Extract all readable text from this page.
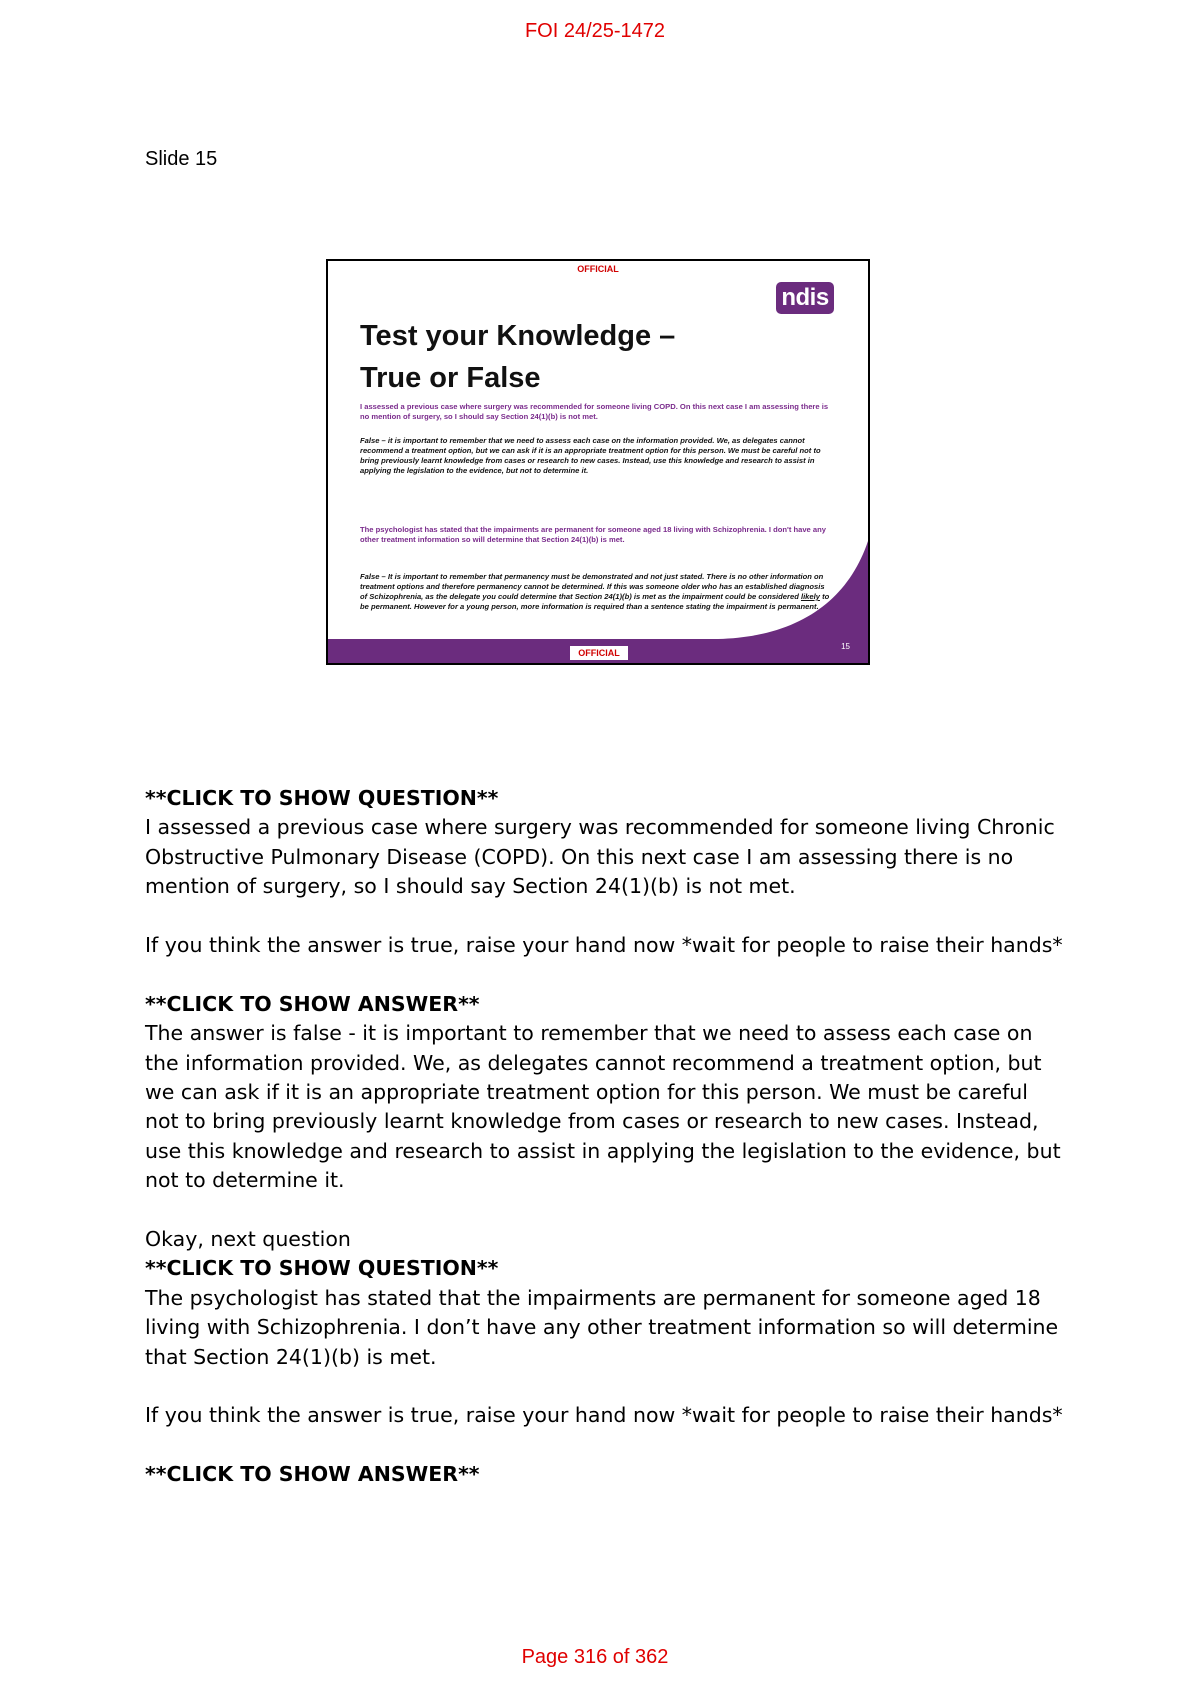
FOI 24/25-1472
Slide 15
OFFICIAL
ndis
Test your Knowledge –
True or False
I assessed a previous case where surgery was recommended for someone living COPD. On this next case I am assessing there is no mention of surgery, so I should say Section 24(1)(b) is not met.
False – it is important to remember that we need to assess each case on the information provided. We, as delegates cannot recommend a treatment option, but we can ask if it is an appropriate treatment option for this person. We must be careful not to bring previously learnt knowledge from cases or research to new cases. Instead, use this knowledge and research to assist in applying the legislation to the evidence, but not to determine it.
The psychologist has stated that the impairments are permanent for someone aged 18 living with Schizophrenia. I don't have any other treatment information so will determine that Section 24(1)(b) is met.
False – It is important to remember that permanency must be demonstrated and not just stated. There is no other information on treatment options and therefore permanency cannot be determined. If this was someone older who has an established diagnosis of Schizophrenia, as the delegate you could determine that Section 24(1)(b) is met as the impairment could be considered likely to be permanent. However for a young person, more information is required than a sentence stating the impairment is permanent.
OFFICIAL
15

**CLICK TO SHOW QUESTION**

I assessed a previous case where surgery was recommended for someone living Chronic Obstructive Pulmonary Disease (COPD). On this next case I am assessing there is no mention of surgery, so I should say Section 24(1)(b) is not met.

If you think the answer is true, raise your hand now *wait for people to raise their hands*

**CLICK TO SHOW ANSWER**

The answer is false - it is important to remember that we need to assess each case on the information provided. We, as delegates cannot recommend a treatment option, but we can ask if it is an appropriate treatment option for this person. We must be careful not to bring previously learnt knowledge from cases or research to new cases. Instead, use this knowledge and research to assist in applying the legislation to the evidence, but not to determine it.

Okay, next question

**CLICK TO SHOW QUESTION**

The psychologist has stated that the impairments are permanent for someone aged 18 living with Schizophrenia. I don’t have any other treatment information so will determine that Section 24(1)(b) is met.

If you think the answer is true, raise your hand now *wait for people to raise their hands*

**CLICK TO SHOW ANSWER**

Page 316 of 362
